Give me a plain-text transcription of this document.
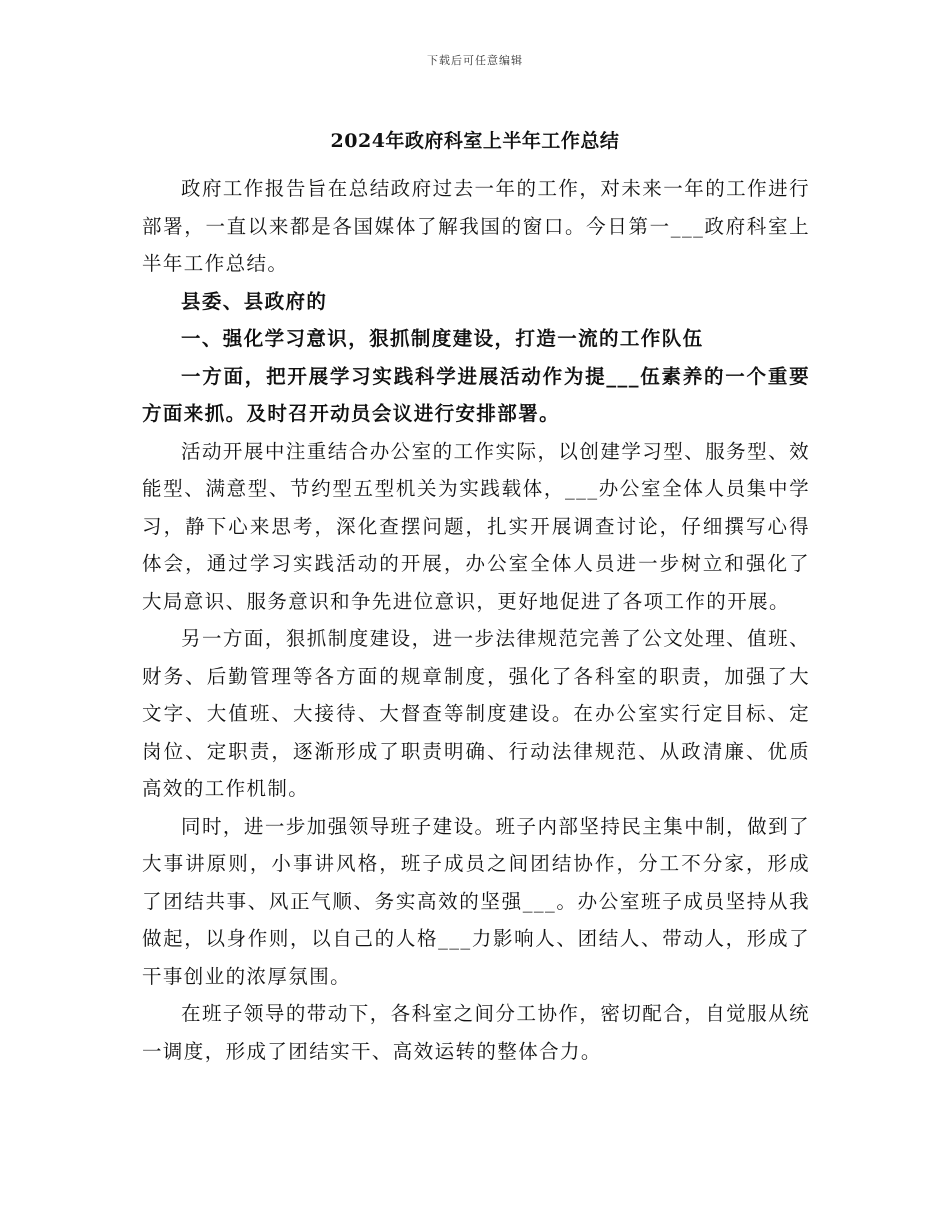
下载后可任意编辑
2024年政府科室上半年工作总结

政府工作报告旨在总结政府过去一年的工作，对未来一年的工作进行部署，一直以来都是各国媒体了解我国的窗口。今日第一___政府科室上半年工作总结。

县委、县政府的

一、强化学习意识，狠抓制度建设，打造一流的工作队伍

一方面，把开展学习实践科学进展活动作为提___伍素养的一个重要方面来抓。及时召开动员会议进行安排部署。

活动开展中注重结合办公室的工作实际，以创建学习型、服务型、效能型、满意型、节约型五型机关为实践载体，___办公室全体人员集中学习，静下心来思考，深化查摆问题，扎实开展调查讨论，仔细撰写心得体会，通过学习实践活动的开展，办公室全体人员进一步树立和强化了大局意识、服务意识和争先进位意识，更好地促进了各项工作的开展。

另一方面，狠抓制度建设，进一步法律规范完善了公文处理、值班、财务、后勤管理等各方面的规章制度，强化了各科室的职责，加强了大文字、大值班、大接待、大督查等制度建设。在办公室实行定目标、定岗位、定职责，逐渐形成了职责明确、行动法律规范、从政清廉、优质高效的工作机制。

同时，进一步加强领导班子建设。班子内部坚持民主集中制，做到了大事讲原则，小事讲风格，班子成员之间团结协作，分工不分家，形成了团结共事、风正气顺、务实高效的坚强___。办公室班子成员坚持从我做起，以身作则，以自己的人格___力影响人、团结人、带动人，形成了干事创业的浓厚氛围。

在班子领导的带动下，各科室之间分工协作，密切配合，自觉服从统一调度，形成了团结实干、高效运转的整体合力。
